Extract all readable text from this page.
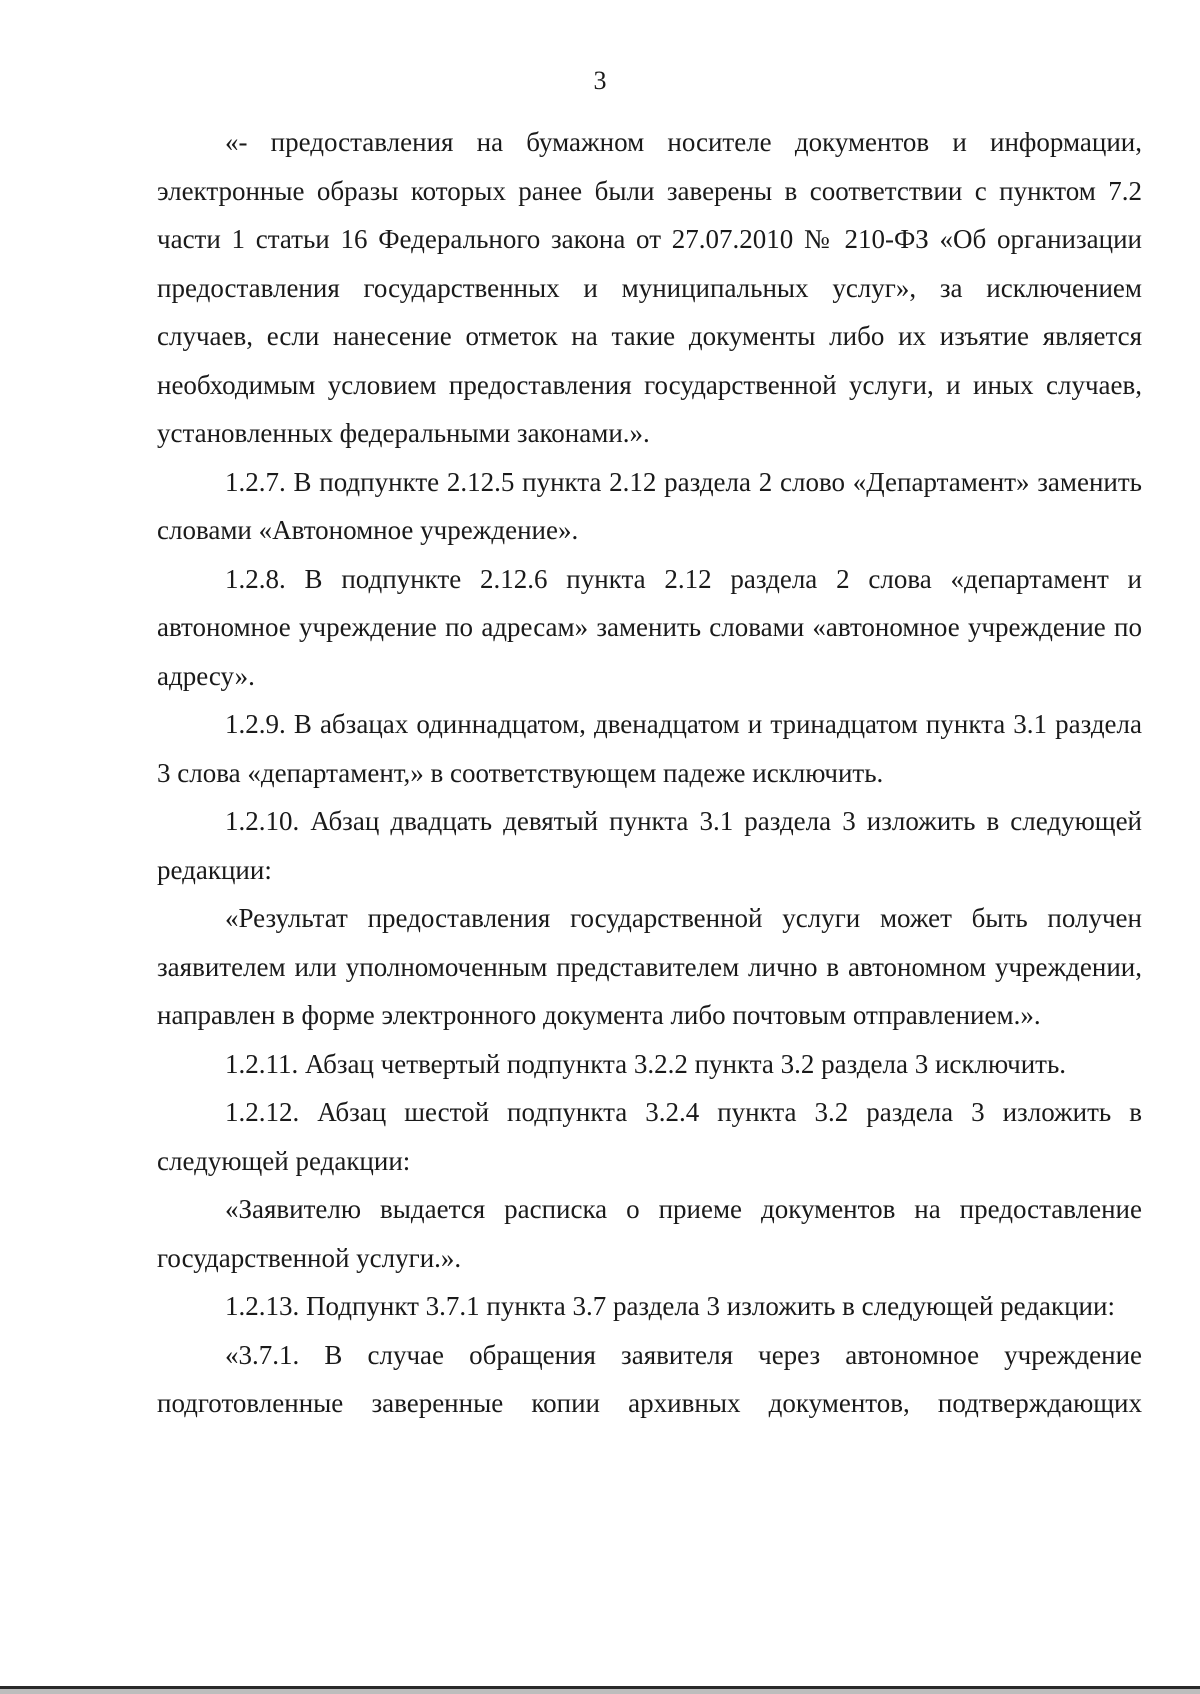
3

«- предоставления на бумажном носителе документов и информации, электронные образы которых ранее были заверены в соответствии с пунктом 7.2 части 1 статьи 16 Федерального закона от 27.07.2010 № 210-ФЗ «Об организации предоставления государственных и муниципальных услуг», за исключением случаев, если нанесение отметок на такие документы либо их изъятие является необходимым условием предоставления государственной услуги, и иных случаев, установленных федеральными законами.».

1.2.7. В подпункте 2.12.5 пункта 2.12 раздела 2 слово «Департамент» заменить словами «Автономное учреждение».

1.2.8. В подпункте 2.12.6 пункта 2.12 раздела 2 слова «департамент и автономное учреждение по адресам» заменить словами «автономное учреждение по адресу».

1.2.9. В абзацах одиннадцатом, двенадцатом и тринадцатом пункта 3.1 раздела 3 слова «департамент,» в соответствующем падеже исключить.

1.2.10. Абзац двадцать девятый пункта 3.1 раздела 3 изложить в следующей редакции:

«Результат предоставления государственной услуги может быть получен заявителем или уполномоченным представителем лично в автономном учреждении, направлен в форме электронного документа либо почтовым отправлением.».

1.2.11. Абзац четвертый подпункта 3.2.2 пункта 3.2 раздела 3 исключить.

1.2.12. Абзац шестой подпункта 3.2.4 пункта 3.2 раздела 3 изложить в следующей редакции:

«Заявителю выдается расписка о приеме документов на предоставление государственной услуги.».

1.2.13. Подпункт 3.7.1 пункта 3.7 раздела 3 изложить в следующей редакции:

«3.7.1. В случае обращения заявителя через автономное учреждение подготовленные заверенные копии архивных документов, подтверждающих
